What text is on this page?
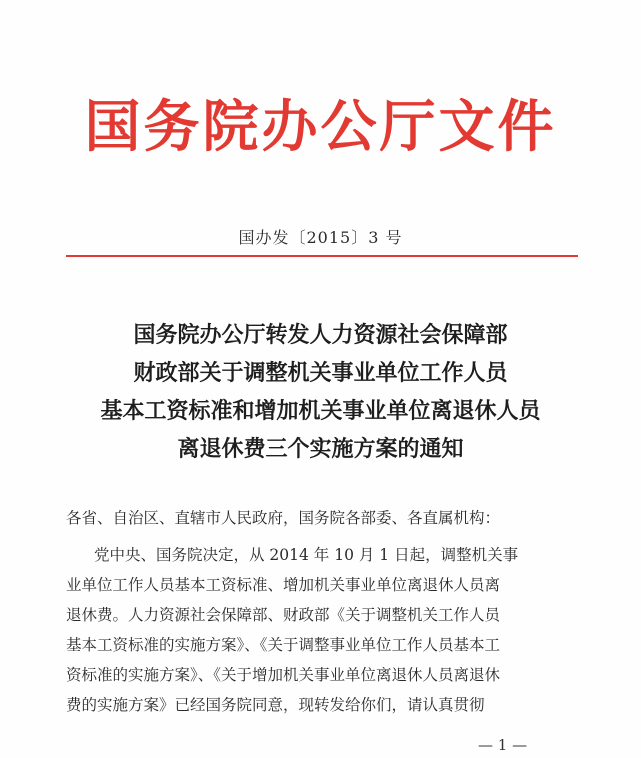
国务院办公厅文件
国办发〔2015〕3 号
国务院办公厅转发人力资源社会保障部
财政部关于调整机关事业单位工作人员
基本工资标准和增加机关事业单位离退休人员
离退休费三个实施方案的通知
各省、自治区、直辖市人民政府，国务院各部委、各直属机构：
党中央、国务院决定，从 2014 年 10 月 1 日起，调整机关事
业单位工作人员基本工资标准、增加机关事业单位离退休人员离
退休费。人力资源社会保障部、财政部《关于调整机关工作人员
基本工资标准的实施方案》、《关于调整事业单位工作人员基本工
资标准的实施方案》、《关于增加机关事业单位离退休人员离退休
费的实施方案》已经国务院同意，现转发给你们，请认真贯彻
— 1 —
